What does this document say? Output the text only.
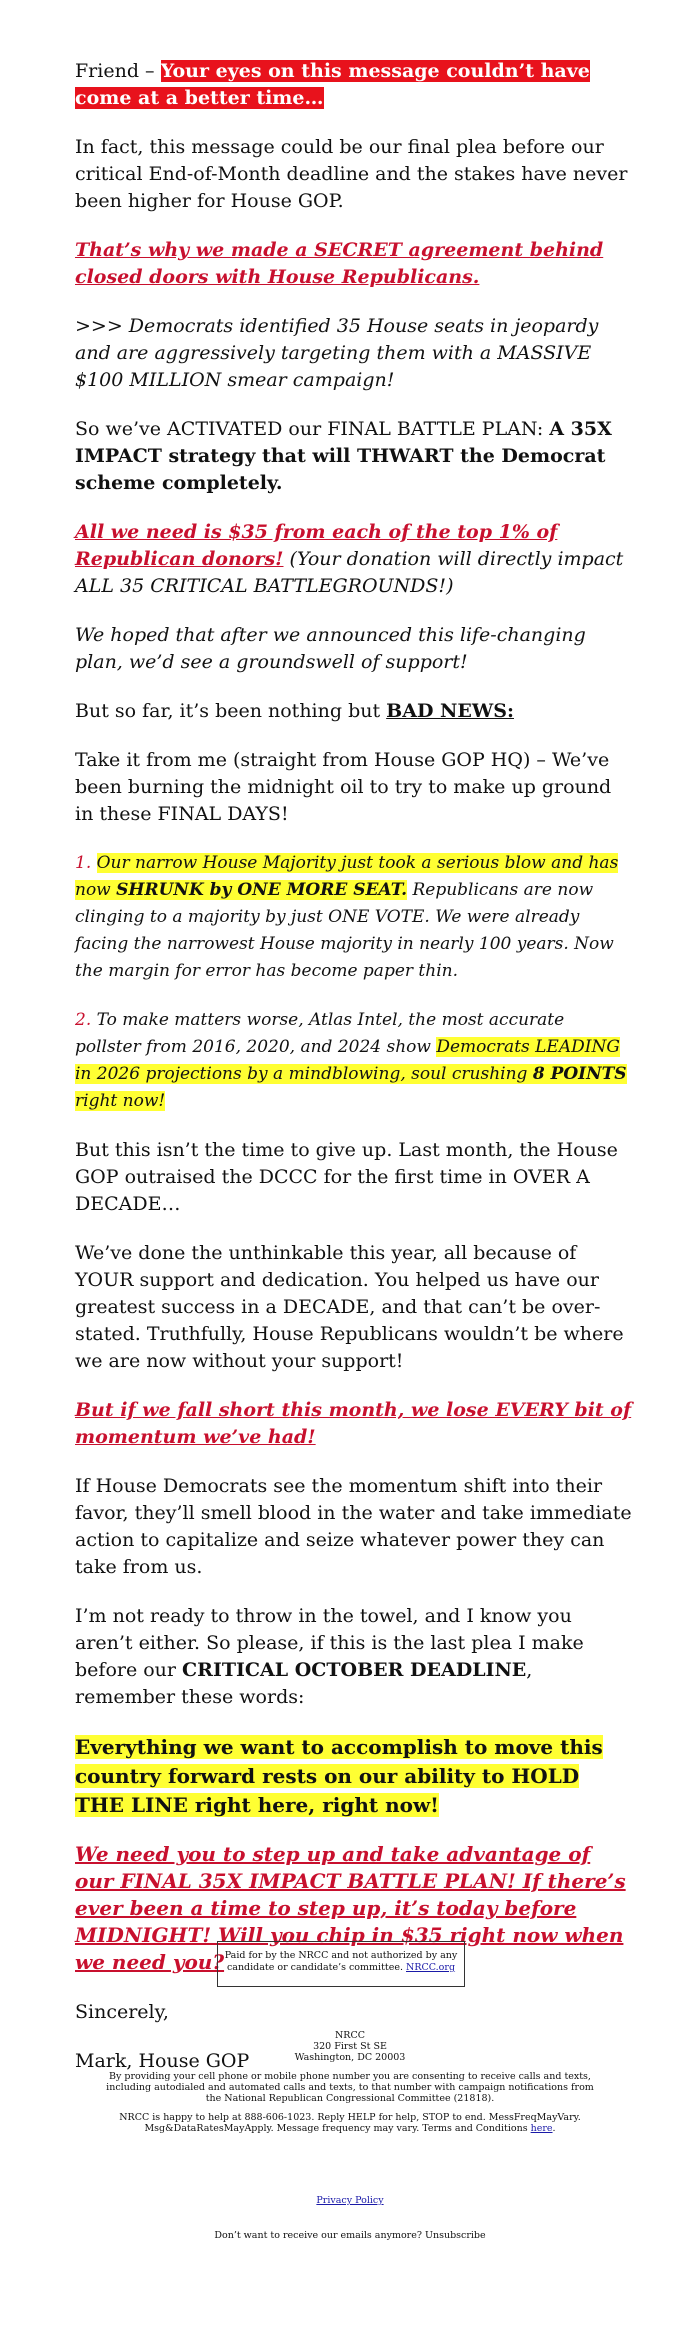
Friend – Your eyes on this message couldn’t have come at a better time…

In fact, this message could be our final plea before our critical End-of-Month deadline and the stakes have never been higher for House GOP.

That’s why we made a SECRET agreement behind closed doors with House Republicans.

>>> Democrats identified 35 House seats in jeopardy and are aggressively targeting them with a MASSIVE $100 MILLION smear campaign!

So we’ve ACTIVATED our FINAL BATTLE PLAN: A 35X IMPACT strategy that will THWART the Democrat scheme completely.

All we need is $35 from each of the top 1% of Republican donors! (Your donation will directly impact ALL 35 CRITICAL BATTLEGROUNDS!)

We hoped that after we announced this life-changing plan, we’d see a groundswell of support!

But so far, it’s been nothing but BAD NEWS:

Take it from me (straight from House GOP HQ) – We’ve been burning the midnight oil to try to make up ground in these FINAL DAYS!

1. Our narrow House Majority just took a serious blow and has now SHRUNK by ONE MORE SEAT. Republicans are now clinging to a majority by just ONE VOTE. We were already facing the narrowest House majority in nearly 100 years. Now the margin for error has become paper thin.

2. To make matters worse, Atlas Intel, the most accurate pollster from 2016, 2020, and 2024 show Democrats LEADING in 2026 projections by a mindblowing, soul crushing 8 POINTS right now!

But this isn’t the time to give up. Last month, the House GOP outraised the DCCC for the first time in OVER A DECADE…

We’ve done the unthinkable this year, all because of YOUR support and dedication. You helped us have our greatest success in a DECADE, and that can’t be over-stated. Truthfully, House Republicans wouldn’t be where we are now without your support!

But if we fall short this month, we lose EVERY bit of momentum we’ve had!

If House Democrats see the momentum shift into their favor, they’ll smell blood in the water and take immediate action to capitalize and seize whatever power they can take from us.

I’m not ready to throw in the towel, and I know you aren’t either. So please, if this is the last plea I make before our CRITICAL OCTOBER DEADLINE, remember these words:

Everything we want to accomplish to move this country forward rests on our ability to HOLD THE LINE right here, right now!

We need you to step up and take advantage of our FINAL 35X IMPACT BATTLE PLAN! If there’s ever been a time to step up, it’s today before MIDNIGHT! Will you chip in $35 right now when we need you?

Sincerely,

Mark, House GOP

Paid for by the NRCC and not authorized by any candidate or candidate’s committee. NRCC.org

NRCC

320 First St SE

Washington, DC 20003

By providing your cell phone or mobile phone number you are consenting to receive calls and texts, including autodialed and automated calls and texts, to that number with campaign notifications from the National Republican Congressional Committee (21818).

NRCC is happy to help at 888-606-1023. Reply HELP for help, STOP to end. MessFreqMayVary. Msg&DataRatesMayApply. Message frequency may vary. Terms and Conditions here.

Privacy Policy
Don’t want to receive our emails anymore? Unsubscribe
